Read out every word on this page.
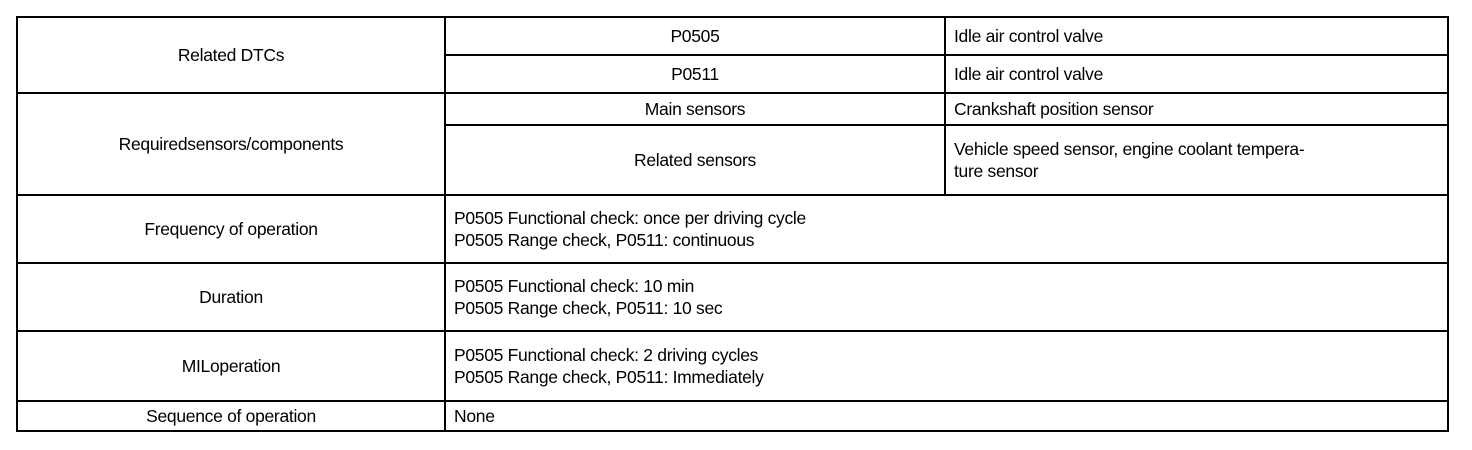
Related DTCs	P0505	Idle air control valve
	P0511	Idle air control valve
Requiredsensors/components	Main sensors	Crankshaft position sensor
	Related sensors	Vehicle speed sensor, engine coolant tempera-
ture sensor

Frequency of operation	P0505 Functional check: once per driving cycle
P0505 Range check, P0511: continuous	

Duration	P0505 Functional check: 10 min
P0505 Range check, P0511: 10 sec	

MILoperation	P0505 Functional check: 2 driving cycles
P0505 Range check, P0511: Immediately	

Sequence of operation	None	
